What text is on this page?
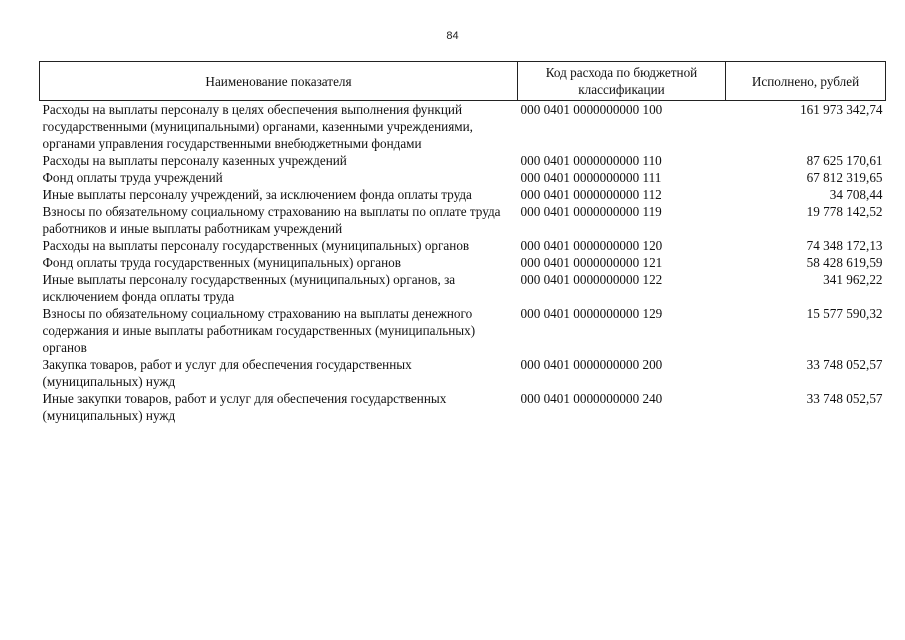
84
Наименование показателя	Код расхода по бюджетной классификации	Исполнено, рублей
Расходы на выплаты персоналу в целях обеспечения выполнения функций государственными (муниципальными) органами, казенными учреждениями, органами управления государственными внебюджетными фондами	000 0401 0000000000 100	161 973 342,74
Расходы на выплаты персоналу казенных учреждений	000 0401 0000000000 110	87 625 170,61
Фонд оплаты труда учреждений	000 0401 0000000000 111	67 812 319,65
Иные выплаты персоналу учреждений, за исключением фонда оплаты труда	000 0401 0000000000 112	34 708,44
Взносы по обязательному социальному страхованию на выплаты по оплате труда работников и иные выплаты работникам учреждений	000 0401 0000000000 119	19 778 142,52
Расходы на выплаты персоналу государственных (муниципальных) органов	000 0401 0000000000 120	74 348 172,13
Фонд оплаты труда государственных (муниципальных) органов	000 0401 0000000000 121	58 428 619,59
Иные выплаты персоналу государственных (муниципальных) органов, за исключением фонда оплаты труда	000 0401 0000000000 122	341 962,22
Взносы по обязательному социальному страхованию на выплаты денежного содержания и иные выплаты работникам государственных (муниципальных) органов	000 0401 0000000000 129	15 577 590,32
Закупка товаров, работ и услуг для обеспечения государственных (муниципальных) нужд	000 0401 0000000000 200	33 748 052,57
Иные закупки товаров, работ и услуг для обеспечения государственных (муниципальных) нужд	000 0401 0000000000 240	33 748 052,57
